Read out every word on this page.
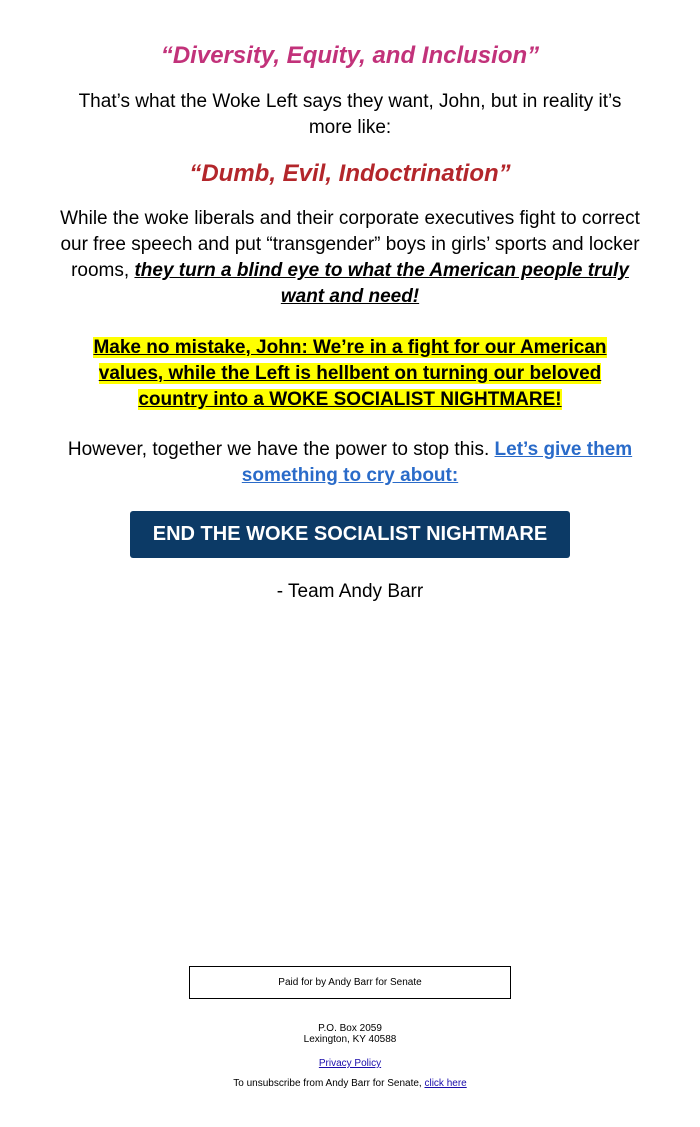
“Diversity, Equity, and Inclusion”
That’s what the Woke Left says they want, John, but in reality it’s more like:
“Dumb, Evil, Indoctrination”
While the woke liberals and their corporate executives fight to correct our free speech and put “transgender” boys in girls’ sports and locker rooms, they turn a blind eye to what the American people truly want and need!
Make no mistake, John: We’re in a fight for our American values, while the Left is hellbent on turning our beloved country into a WOKE SOCIALIST NIGHTMARE!
However, together we have the power to stop this. Let’s give them something to cry about:
END THE WOKE SOCIALIST NIGHTMARE
- Team Andy Barr
Paid for by Andy Barr for Senate
P.O. Box 2059
Lexington, KY 40588
Privacy Policy
To unsubscribe from Andy Barr for Senate, click here
